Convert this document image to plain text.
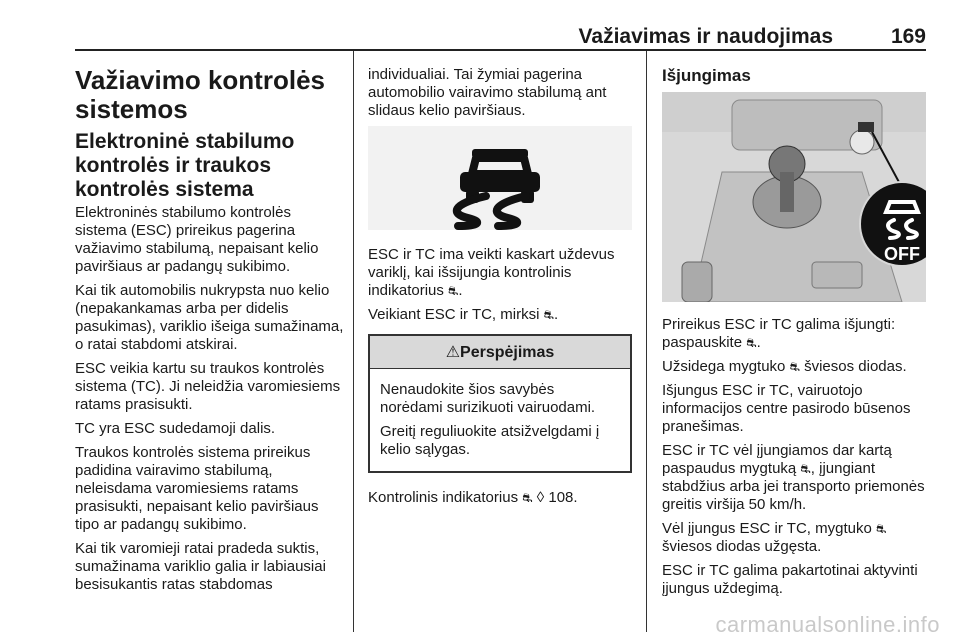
Važiavimas ir naudojimas	169
Važiavimo kontrolės sistemos
Elektroninė stabilumo kontrolės ir traukos kontrolės sistema

Elektroninės stabilumo kontrolės sistema (ESC) prireikus pagerina važiavimo stabilumą, nepaisant kelio paviršiaus ar padangų sukibimo.

Kai tik automobilis nukrypsta nuo kelio (nepakankamas arba per didelis pasukimas), variklio išeiga sumažinama, o ratai stabdomi atskirai.

ESC veikia kartu su traukos kontrolės sistema (TC). Ji neleidžia varomiesiems ratams prasisukti.

TC yra ESC sudedamoji dalis.

Traukos kontrolės sistema prireikus padidina vairavimo stabilumą, neleisdama varomiesiems ratams prasisukti, nepaisant kelio paviršiaus tipo ar padangų sukibimo.

Kai tik varomieji ratai pradeda suktis, sumažinama variklio galia ir labiausiai besisukantis ratas stabdomas

individualiai. Tai žymiai pagerina automobilio vairavimo stabilumą ant slidaus kelio paviršiaus.

ESC ir TC ima veikti kaskart uždevus variklį, kai išsijungia kontrolinis indikatorius ⛐.

Veikiant ESC ir TC, mirksi ⛐.

⚠Perspėjimas

Nenaudokite šios savybės norėdami surizikuoti vairuodami.

Greitį reguliuokite atsižvelgdami į kelio sąlygas.

Kontrolinis indikatorius ⛐ ◊ 108.

Išjungimas
OFF

Prireikus ESC ir TC galima išjungti: paspauskite ⛐.

Užsidega mygtuko ⛐ šviesos diodas.

Išjungus ESC ir TC, vairuotojo informacijos centre pasirodo būsenos pranešimas.

ESC ir TC vėl įjungiamos dar kartą paspaudus mygtuką ⛐, įjungiant stabdžius arba jei transporto priemonės greitis viršija 50 km/h.

Vėl įjungus ESC ir TC, mygtuko ⛐ šviesos diodas užgęsta.

ESC ir TC galima pakartotinai aktyvinti įjungus uždegimą.

carmanualsonline.info
